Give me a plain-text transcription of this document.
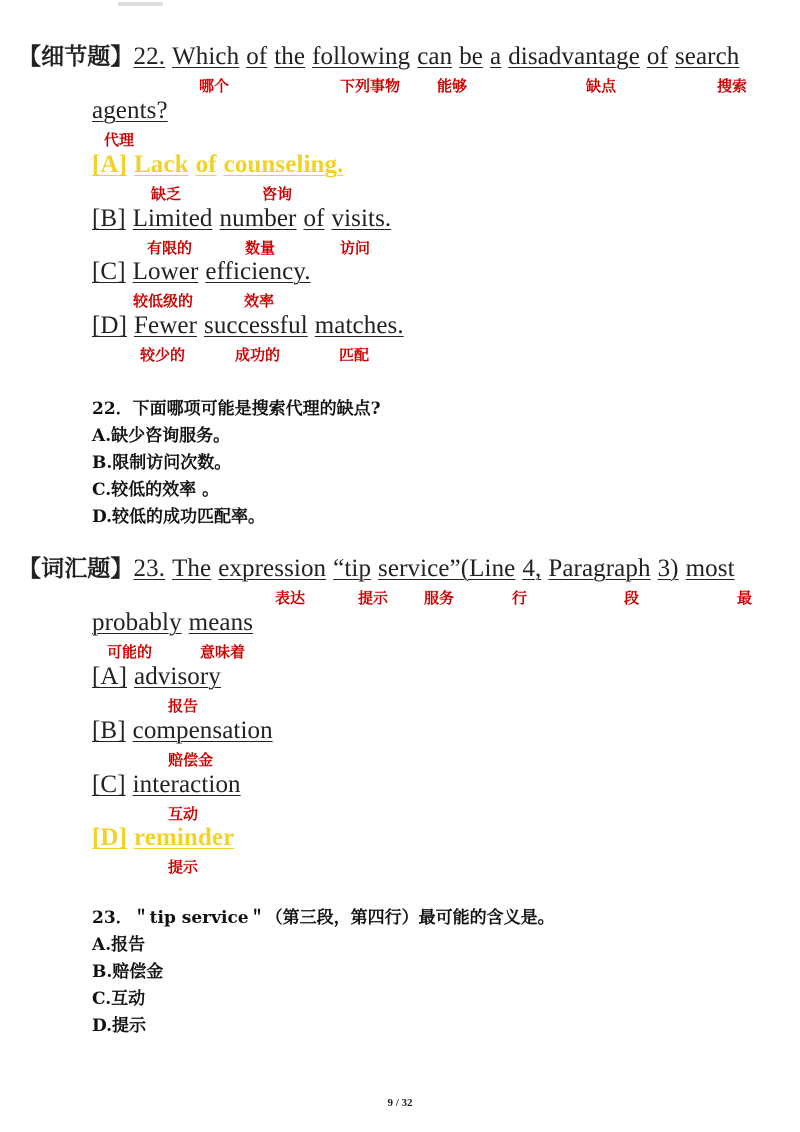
【细节题】22. Which of the following can be a disadvantage of search
哪个	下列事物 能够	缺点	搜索
agents?
代理
[A] Lack of counseling.
缺乏	咨询
[B] Limited number of visits.
有限的	数量	访问
[C] Lower efficiency.
较低级的	效率
[D] Fewer successful matches.
较少的	成功的	匹配
22．下面哪项可能是搜索代理的缺点?
A.缺少咨询服务。
B.限制访问次数。
C.较低的效率 。
D.较低的成功匹配率。
【词汇题】23. The expression “tip service”(Line 4, Paragraph 3) most
表达	提示 服务	行	段	最
probably means
可能的	意味着
[A] advisory
报告
[B] compensation
赔偿金
[C] interaction
互动
[D] reminder
提示
23．＂tip service＂（第三段，第四行）最可能的含义是。
A.报告
B.赔偿金
C.互动
D.提示
9 / 32
